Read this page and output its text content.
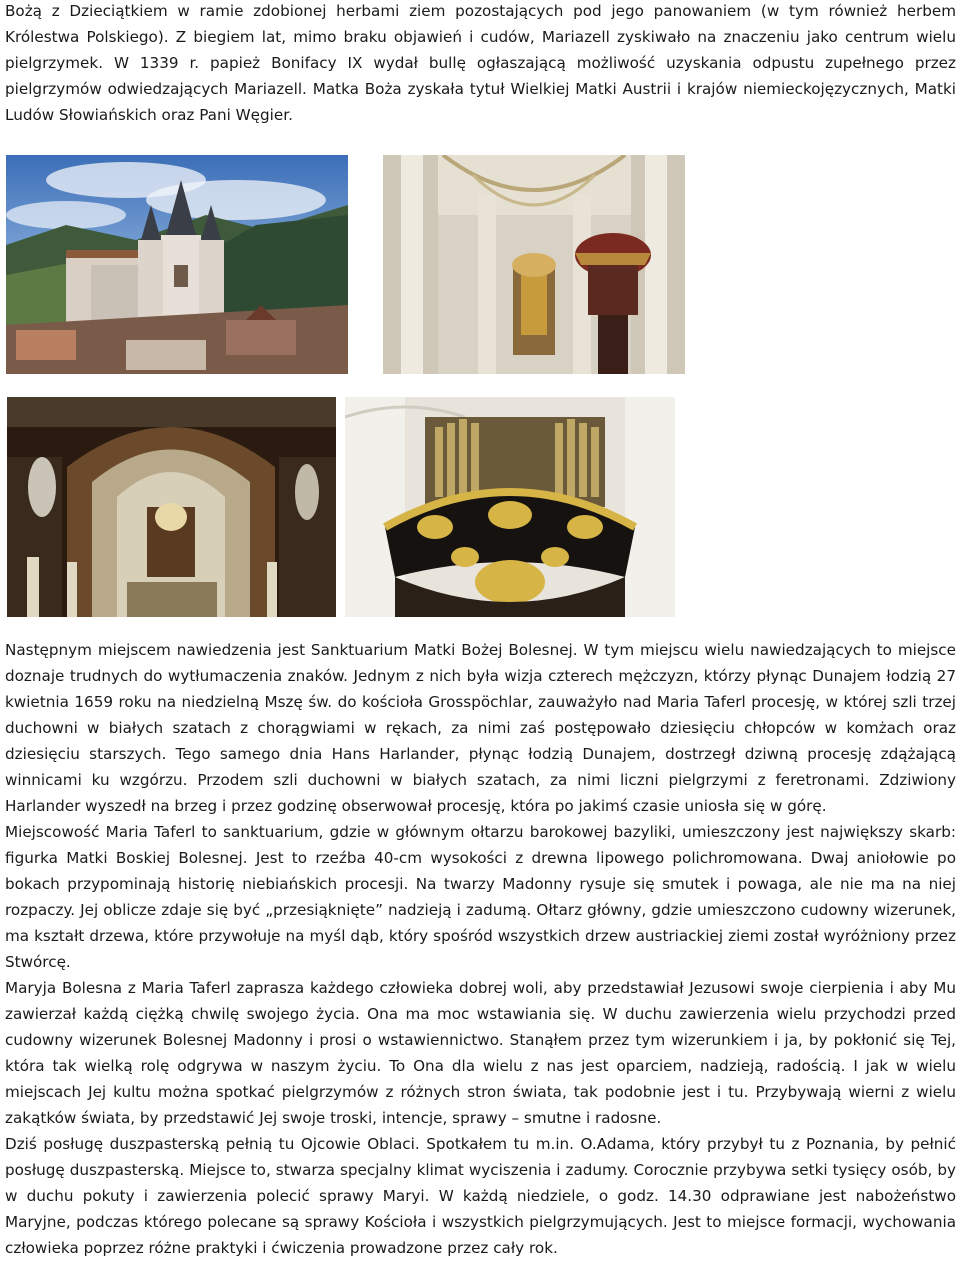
Bożą z Dzieciątkiem w ramie zdobionej herbami ziem pozostających pod jego panowaniem (w tym również herbem Królestwa Polskiego). Z biegiem lat, mimo braku objawień i cudów, Mariazell zyskiwało na znaczeniu jako centrum wielu pielgrzymek. W 1339 r. papież Bonifacy IX wydał bullę ogłaszającą możliwość uzyskania odpustu zupełnego przez pielgrzymów odwiedzających Mariazell. Matka Boża zyskała tytuł Wielkiej Matki Austrii i krajów niemieckojęzycznych, Matki Ludów Słowiańskich oraz Pani Węgier.
Następnym miejscem nawiedzenia jest Sanktuarium Matki Bożej Bolesnej. W tym miejscu wielu nawiedzających to miejsce doznaje trudnych do wytłumaczenia znaków. Jednym z nich była wizja czterech mężczyzn, którzy płynąc Dunajem łodzią 27 kwietnia 1659 roku na niedzielną Mszę św. do kościoła Grosspöchlar, zauważyło nad Maria Taferl procesję, w której szli trzej duchowni w białych szatach z chorągwiami w rękach, za nimi zaś postępowało dziesięciu chłopców w komżach oraz dziesięciu starszych. Tego samego dnia Hans Harlander, płynąc łodzią Dunajem, dostrzegł dziwną procesję zdążającą winnicami ku wzgórzu. Przodem szli duchowni w białych szatach, za nimi liczni pielgrzymi z feretronami. Zdziwiony Harlander wyszedł na brzeg i przez godzinę obserwował procesję, która po jakimś czasie uniosła się w górę.
Miejscowość Maria Taferl to sanktuarium, gdzie w głównym ołtarzu barokowej bazyliki, umieszczony jest największy skarb: figurka Matki Boskiej Bolesnej. Jest to rzeźba 40-cm wysokości z drewna lipowego polichromowana. Dwaj aniołowie po bokach przypominają historię niebiańskich procesji. Na twarzy Madonny rysuje się smutek i powaga, ale nie ma na niej rozpaczy. Jej oblicze zdaje się być „przesiąknięte” nadzieją i zadumą. Ołtarz główny, gdzie umieszczono cudowny wizerunek, ma kształt drzewa, które przywołuje na myśl dąb, który spośród wszystkich drzew austriackiej ziemi został wyróżniony przez Stwórcę.
Maryja Bolesna z Maria Taferl zaprasza każdego człowieka dobrej woli, aby przedstawiał Jezusowi swoje cierpienia i aby Mu zawierzał każdą ciężką chwilę swojego życia. Ona ma moc wstawiania się. W duchu zawierzenia wielu przychodzi przed cudowny wizerunek Bolesnej Madonny i prosi o wstawiennictwo. Stanąłem przez tym wizerunkiem i ja, by pokłonić się Tej, która tak wielką rolę odgrywa w naszym życiu. To Ona dla wielu z nas jest oparciem, nadzieją, radością. I jak w wielu miejscach Jej kultu można spotkać pielgrzymów z różnych stron świata, tak podobnie jest i tu. Przybywają wierni z wielu zakątków świata, by przedstawić Jej swoje troski, intencje, sprawy – smutne i radosne.
Dziś posługę duszpasterską pełnią tu Ojcowie Oblaci. Spotkałem tu m.in. O.Adama, który przybył tu z Poznania, by pełnić posługę duszpasterską. Miejsce to, stwarza specjalny klimat wyciszenia i zadumy. Corocznie przybywa setki tysięcy osób, by w duchu pokuty i zawierzenia polecić sprawy Maryi. W każdą niedziele, o godz. 14.30 odprawiane jest nabożeństwo Maryjne, podczas którego polecane są sprawy Kościoła i wszystkich pielgrzymujących. Jest to miejsce formacji, wychowania człowieka poprzez różne praktyki i ćwiczenia prowadzone przez cały rok.
